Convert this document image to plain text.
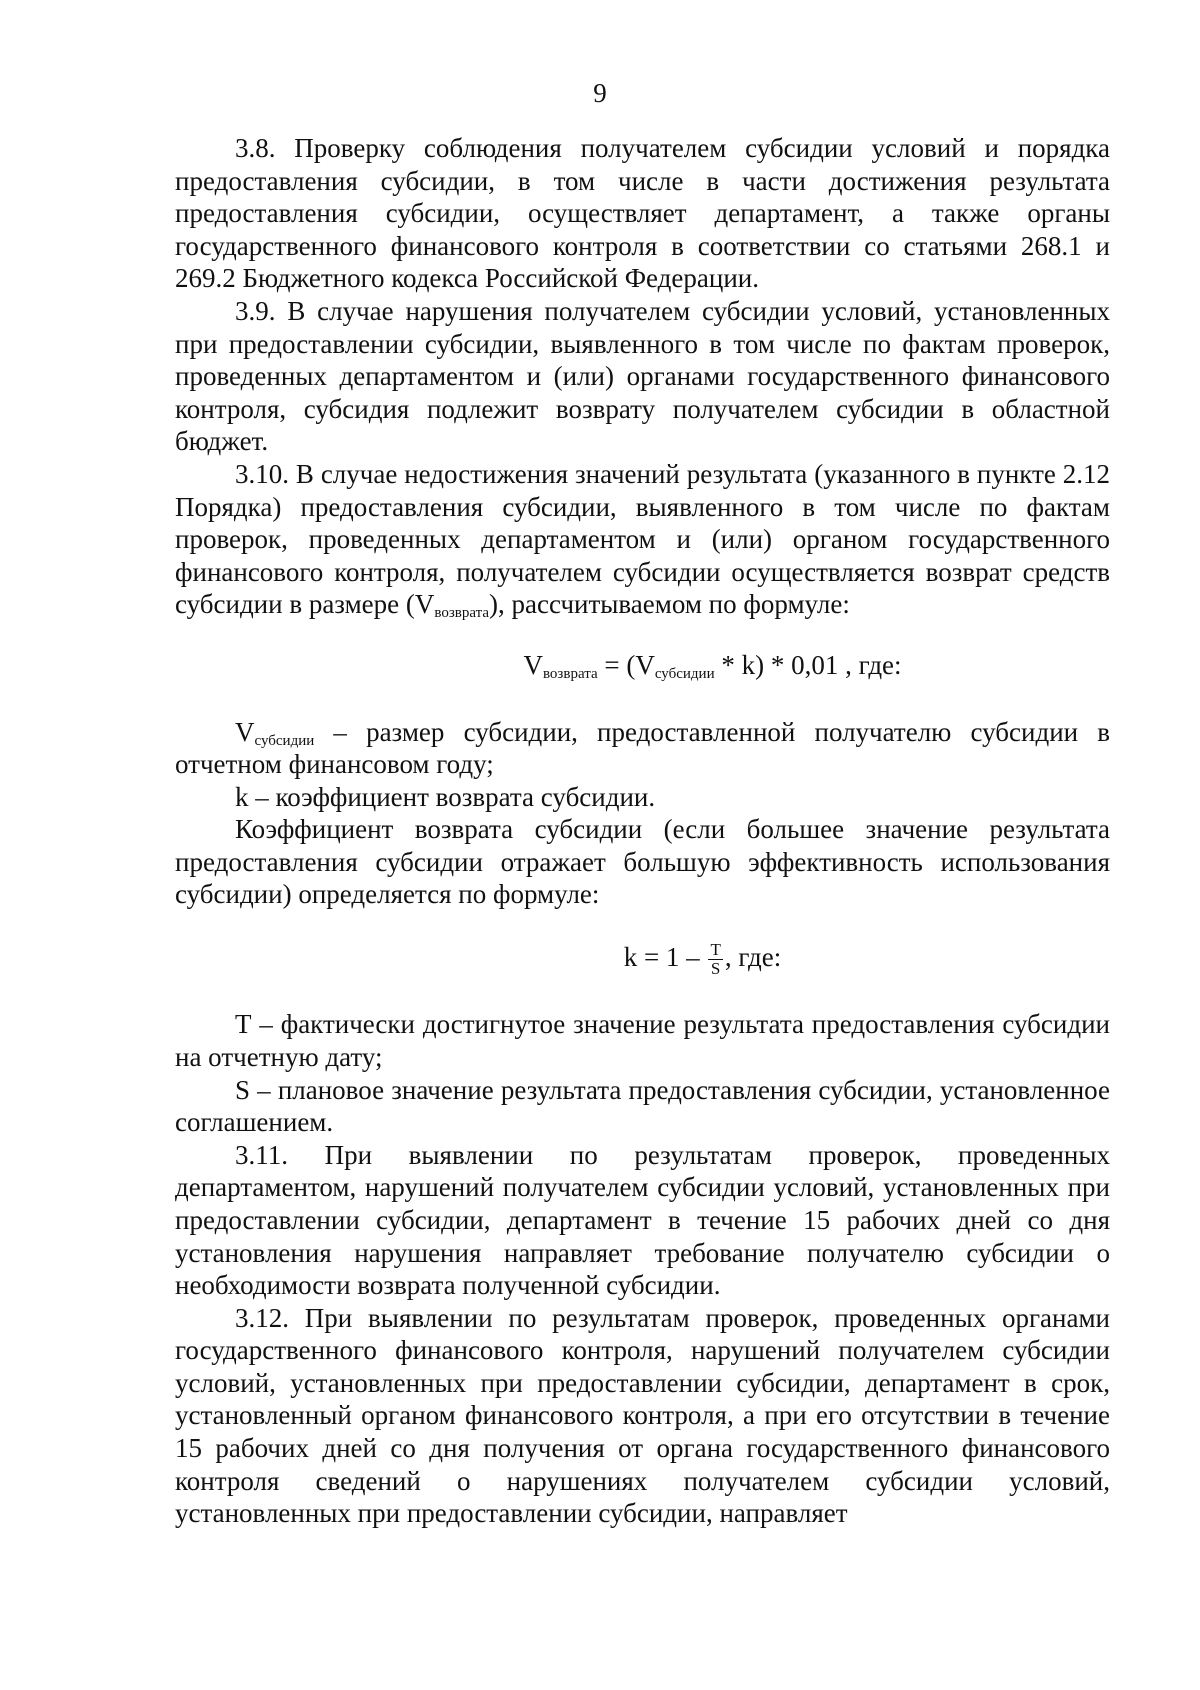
9

3.8. Проверку соблюдения получателем субсидии условий и порядка предоставления субсидии, в том числе в части достижения результата предоставления субсидии, осуществляет департамент, а также органы государственного финансового контроля в соответствии со статьями 268.1 и 269.2 Бюджетного кодекса Российской Федерации.

3.9. В случае нарушения получателем субсидии условий, установленных при предоставлении субсидии, выявленного в том числе по фактам проверок, проведенных департаментом и (или) органами государственного финансового контроля, субсидия подлежит возврату получателем субсидии в областной бюджет.

3.10. В случае недостижения значений результата (указанного в пункте 2.12 Порядка) предоставления субсидии, выявленного в том числе по фактам проверок, проведенных департаментом и (или) органом государственного финансового контроля, получателем субсидии осуществляется возврат средств субсидии в размере $(V_{возврата})$, рассчитываемом по формуле:

$V_{возврата} = (V_{субсидии} * k) * 0,01$ , где:

$V_{субсидии}$ – размер субсидии, предоставленной получателю субсидии в отчетном финансовом году;

k – коэффициент возврата субсидии.

Коэффициент возврата субсидии (если большее значение результата предоставления субсидии отражает большую эффективность использования субсидии) определяется по формуле:

$k = 1 - \frac{T}{S}$ , где:

Т – фактически достигнутое значение результата предоставления субсидии на отчетную дату;

S – плановое значение результата предоставления субсидии, установленное соглашением.

3.11. При выявлении по результатам проверок, проведенных департаментом, нарушений получателем субсидии условий, установленных при предоставлении субсидии, департамент в течение 15 рабочих дней со дня установления нарушения направляет требование получателю субсидии о необходимости возврата полученной субсидии.

3.12. При выявлении по результатам проверок, проведенных органами государственного финансового контроля, нарушений получателем субсидии условий, установленных при предоставлении субсидии, департамент в срок, установленный органом финансового контроля, а при его отсутствии в течение 15 рабочих дней со дня получения от органа государственного финансового контроля сведений о нарушениях получателем субсидии условий, установленных при предоставлении субсидии, направляет
